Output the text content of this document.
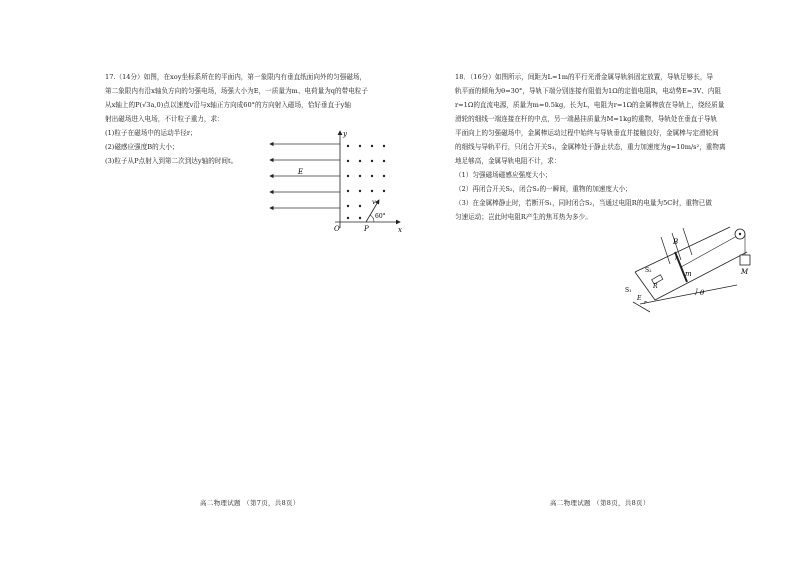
17.（14分）如图，在xoy坐标系所在的平面内，第一象限内有垂直纸面向外的匀强磁场，

第二象限内有沿x轴负方向的匀强电场，场强大小为E，一质量为m、电荷量为q的带电粒子

从x轴上的P(√3a,0)点以速度v沿与x轴正方向成60°的方向射入磁场，恰好垂直于y轴

射出磁场进入电场，不计粒子重力，求：

(1)粒子在磁场中的运动半径r；

(2)磁感应强度B的大小；

(3)粒子从P点射入到第二次到达y轴的时间t。

E
y
x
O
v
60°
P
高二物理试题 （第7页，共8页）

18．（16分）如图所示，间距为L=1m的平行光滑金属导轨斜固定放置，导轨足够长，导

轨平面的倾角为θ=30°，导轨下端分别连接有阻值为1Ω的定值电阻R，电动势E=3V、内阻

r=1Ω的直流电源，质量为m=0.5kg，长为L，电阻为r=1Ω的金属棒放在导轨上，绕经质量

滑轮的细线一端连接在杆的中点，另一端悬挂质量为M=1kg的重物，导轨处在垂直于导轨

平面向上的匀强磁场中，金属棒运动过程中始终与导轨垂直并接触良好，金属棒与定滑轮间

的细线与导轨平行，只闭合开关S₁，金属棒处于静止状态，重力加速度为g=10m/s²，重物离

地足够高，金属导轨电阻不计，求：

（1）匀强磁场磁感应强度大小；

（2）再闭合开关S₂，闭合S₂的一瞬间，重物的加速度大小；

（3）在金属棒静止时，若断开S₁，同时闭合S₂，当通过电阻R的电量为5C时，重物已做

匀速运动；岂此时电阻R产生的焦耳热为多少。

B
r
m	M
S₂
R
S₁
E
r
θ
高二物理试题 （第8页，共8页）
